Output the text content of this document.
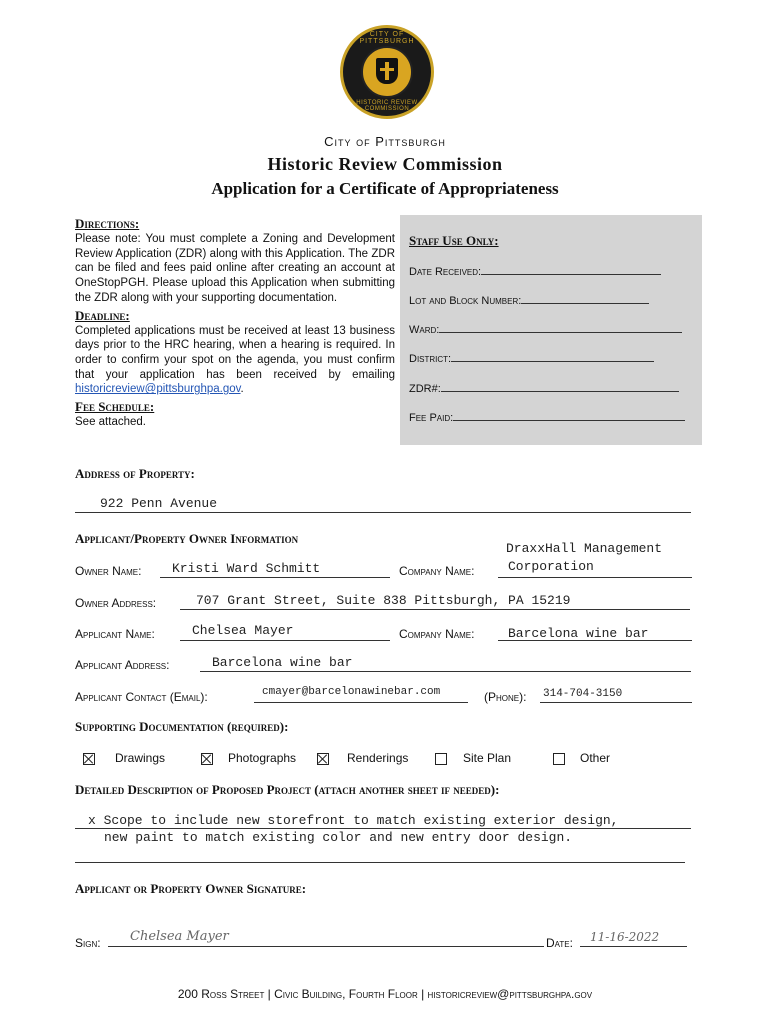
CITY OF PITTSBURGH
HISTORIC REVIEW COMMISSION
City of Pittsburgh
Historic Review Commission
Application for a Certificate of Appropriateness
Directions:
Please note: You must complete a Zoning and Development Review Application (ZDR) along with this Application. The ZDR can be filed and fees paid online after creating an account at OneStopPGH. Please upload this Application when submitting the ZDR along with your supporting documentation.
Deadline:
Completed applications must be received at least 13 business days prior to the HRC hearing, when a hearing is required. In order to confirm your spot on the agenda, you must confirm that your application has been received by emailing historicreview@pittsburghpa.gov.
Fee Schedule:
See attached.
Staff Use Only:
Date Received:
Lot and Block Number:
Ward:
District:
ZDR#:
Fee Paid:
Address of Property:
922 Penn Avenue
Applicant/Property Owner Information
Owner Name: Kristi Ward Schmitt	Company Name:
DraxxHall Management
Corporation
Owner Address:	707 Grant Street, Suite 838 Pittsburgh, PA 15219
Applicant Name:	Chelsea Mayer	Company Name:	Barcelona wine bar
Applicant Address:	Barcelona wine bar
Applicant Contact (Email):	cmayer@barcelonawinebar.com	(Phone): 314-704-3150
Supporting Documentation (required):
Drawings	Photographs	Renderings	Site Plan	Other
Detailed Description of Proposed Project (attach another sheet if needed):
x Scope to include new storefront to match existing exterior design,
new paint to match existing color and new entry door design.
Applicant or Property Owner Signature:
Sign: Chelsea Mayer	Date: 11-16-2022
200 Ross Street | Civic Building, Fourth Floor | historicreview@pittsburghpa.gov
